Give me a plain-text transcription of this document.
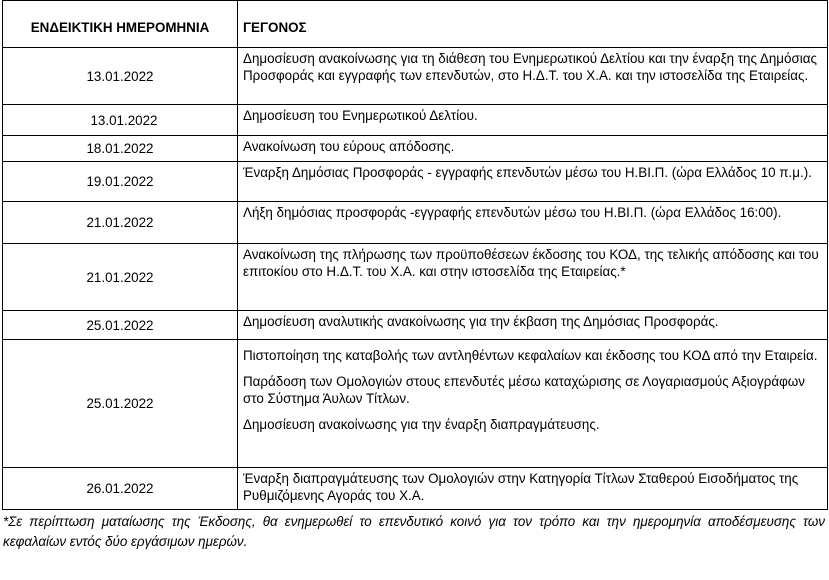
ΕΝΔΕΙΚΤΙΚΗ ΗΜΕΡΟΜΗΝΙΑ	ΓΕΓΟΝΟΣ
13.01.2022	Δημοσίευση ανακοίνωσης για τη διάθεση του Ενημερωτικού Δελτίου και την έναρξη της Δημόσιας Προσφοράς και εγγραφής των επενδυτών, στο Η.Δ.Τ. του Χ.Α. και την ιστοσελίδα της Εταιρείας.

13.01.2022	Δημοσίευση του Ενημερωτικού Δελτίου.

18.01.2022	Ανακοίνωση του εύρους απόδοσης.

19.01.2022	Έναρξη Δημόσιας Προσφοράς - εγγραφής επενδυτών μέσω του Η.ΒΙ.Π. (ώρα Ελλάδος 10 π.μ.).

21.01.2022	Λήξη δημόσιας προσφοράς -εγγραφής επενδυτών μέσω του Η.ΒΙ.Π. (ώρα Ελλάδος 16:00).

21.01.2022	Ανακοίνωση της πλήρωσης των προϋποθέσεων έκδοσης του ΚΟΔ, της τελικής απόδοσης και του επιτοκίου στο Η.Δ.Τ. του Χ.Α. και στην ιστοσελίδα της Εταιρείας.*

25.01.2022	Δημοσίευση αναλυτικής ανακοίνωσης για την έκβαση της Δημόσιας Προσφοράς.

25.01.2022	Πιστοποίηση της καταβολής των αντληθέντων κεφαλαίων και έκδοσης του ΚΟΔ από την Εταιρεία.

Παράδοση των Ομολογιών στους επενδυτές μέσω καταχώρισης σε Λογαριασμούς Αξιογράφων στο Σύστημα Άυλων Τίτλων.

Δημοσίευση ανακοίνωσης για την έναρξη διαπραγμάτευσης.

26.01.2022	Έναρξη διαπραγμάτευσης των Ομολογιών στην Κατηγορία Τίτλων Σταθερού Εισοδήματος της Ρυθμιζόμενης Αγοράς του Χ.Α.

*Σε περίπτωση ματαίωσης της Έκδοσης, θα ενημερωθεί το επενδυτικό κοινό για τον τρόπο και την ημερομηνία αποδέσμευσης των κεφαλαίων εντός δύο εργάσιμων ημερών.
